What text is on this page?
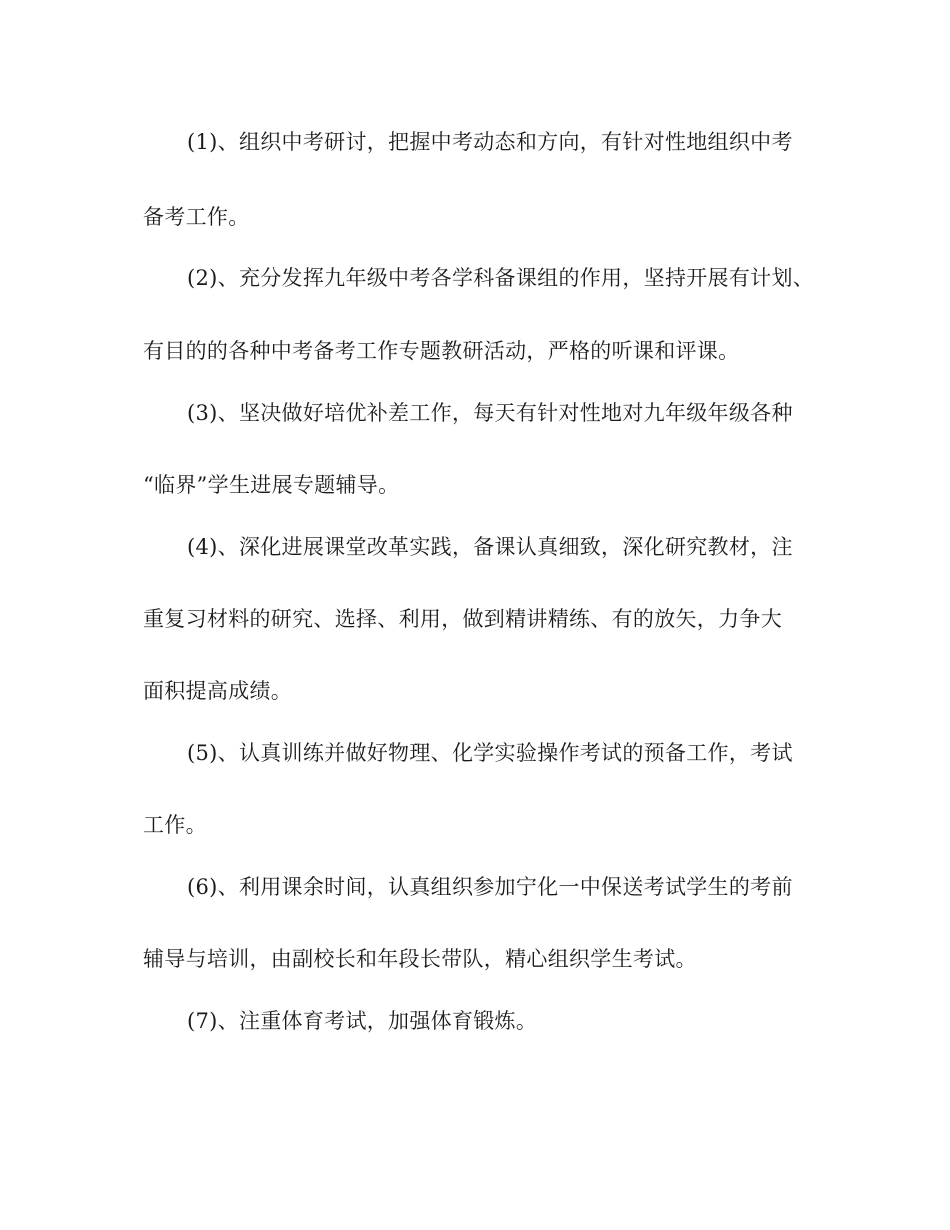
(1)、组织中考研讨，把握中考动态和方向，有针对性地组织中考
备考工作。
(2)、充分发挥九年级中考各学科备课组的作用，坚持开展有计划、
有目的的各种中考备考工作专题教研活动，严格的听课和评课。
(3)、坚决做好培优补差工作，每天有针对性地对九年级年级各种
“临界”学生进展专题辅导。
(4)、深化进展课堂改革实践，备课认真细致，深化研究教材，注
重复习材料的研究、选择、利用，做到精讲精练、有的放矢，力争大
面积提高成绩。
(5)、认真训练并做好物理、化学实验操作考试的预备工作，考试
工作。
(6)、利用课余时间，认真组织参加宁化一中保送考试学生的考前
辅导与培训，由副校长和年段长带队，精心组织学生考试。
(7)、注重体育考试，加强体育锻炼。
